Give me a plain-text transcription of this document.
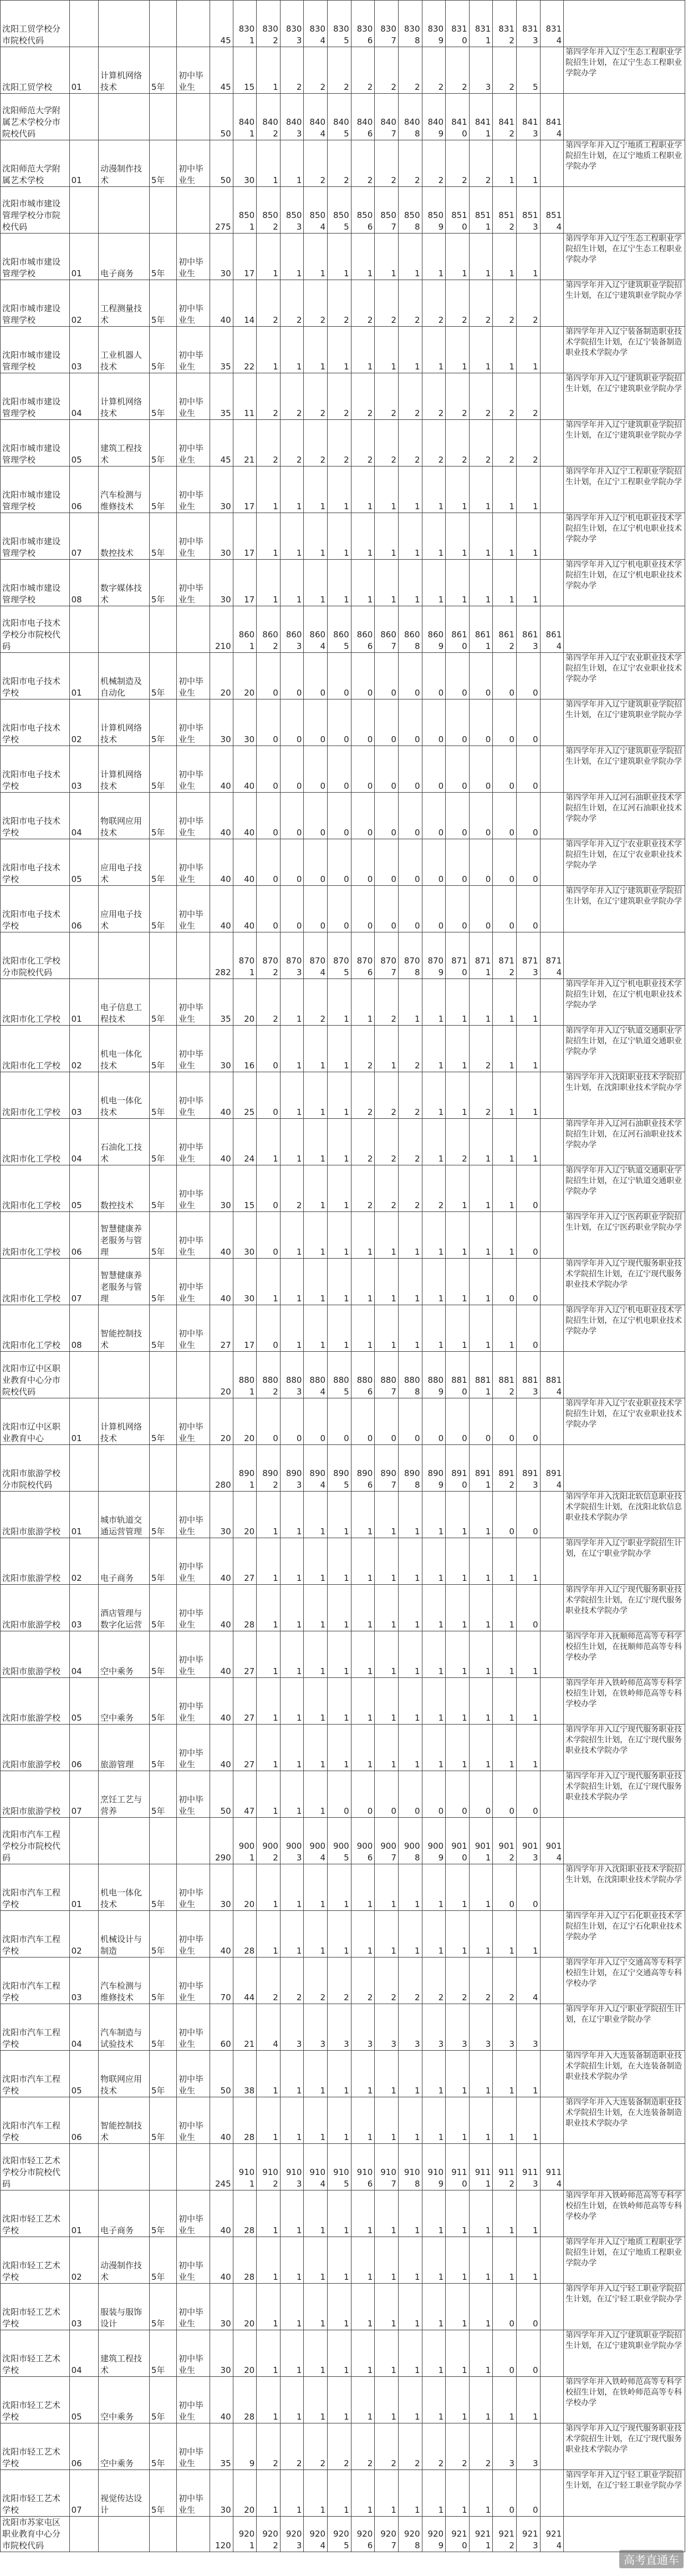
沈阳工贸学校分市院校代码					45	8301	8302	8303	8304	8305	8306	8307	8308	8309	8310	8311	8312	8313	8314	
沈阳工贸学校	01	计算机网络技术	5年	初中毕业生	45	15	1	2	2	2	2	2	2	2	2	3	2	5		第四学年并入辽宁生态工程职业学院招生计划，在辽宁生态工程职业学院办学
沈阳师范大学附属艺术学校分市院校代码					50	8401	8402	8403	8404	8405	8406	8407	8408	8409	8410	8411	8412	8413	8414	
沈阳师范大学附属艺术学校	01	动漫制作技术	5年	初中毕业生	50	30	1	1	2	2	2	2	2	2	2	2	1	1		第四学年并入辽宁地质工程职业学院招生计划，在辽宁地质工程职业学院办学
沈阳市城市建设管理学校分市院校代码					275	8501	8502	8503	8504	8505	8506	8507	8508	8509	8510	8511	8512	8513	8514	
沈阳市城市建设管理学校	01	电子商务	5年	初中毕业生	30	17	1	1	1	1	1	1	1	1	1	1	1	1		第四学年并入辽宁生态工程职业学院招生计划，在辽宁生态工程职业学院办学
沈阳市城市建设管理学校	02	工程测量技术	5年	初中毕业生	40	14	2	2	2	2	2	2	2	2	2	2	2	2		第四学年并入辽宁建筑职业学院招生计划，在辽宁建筑职业学院办学
沈阳市城市建设管理学校	03	工业机器人技术	5年	初中毕业生	35	22	1	1	1	1	1	1	1	1	1	1	1	1		第四学年并入辽宁装备制造职业技术学院招生计划，在辽宁装备制造职业技术学院办学
沈阳市城市建设管理学校	04	计算机网络技术	5年	初中毕业生	35	11	2	2	2	2	2	2	2	2	2	2	2	2		第四学年并入辽宁建筑职业学院招生计划，在辽宁建筑职业学院办学
沈阳市城市建设管理学校	05	建筑工程技术	5年	初中毕业生	45	21	2	2	2	2	2	2	2	2	2	2	2	2		第四学年并入辽宁建筑职业学院招生计划，在辽宁建筑职业学院办学
沈阳市城市建设管理学校	06	汽车检测与维修技术	5年	初中毕业生	30	17	1	1	1	1	1	1	1	1	1	1	1	1		第四学年并入辽宁工程职业学院招生计划，在辽宁工程职业学院办学
沈阳市城市建设管理学校	07	数控技术	5年	初中毕业生	30	17	1	1	1	1	1	1	1	1	1	1	1	1		第四学年并入辽宁机电职业技术学院招生计划，在辽宁机电职业技术学院办学
沈阳市城市建设管理学校	08	数字媒体技术	5年	初中毕业生	30	17	1	1	1	1	1	1	1	1	1	1	1	1		第四学年并入辽宁机电职业技术学院招生计划，在辽宁机电职业技术学院办学
沈阳市电子技术学校分市院校代码					210	8601	8602	8603	8604	8605	8606	8607	8608	8609	8610	8611	8612	8613	8614	
沈阳市电子技术学校	01	机械制造及自动化	5年	初中毕业生	20	20	0	0	0	0	0	0	0	0	0	0	0	0		第四学年并入辽宁农业职业技术学院招生计划，在辽宁农业职业技术学院办学
沈阳市电子技术学校	02	计算机网络技术	5年	初中毕业生	30	30	0	0	0	0	0	0	0	0	0	0	0	0		第四学年并入辽宁建筑职业学院招生计划，在辽宁建筑职业学院办学
沈阳市电子技术学校	03	计算机网络技术	5年	初中毕业生	40	40	0	0	0	0	0	0	0	0	0	0	0	0		第四学年并入辽宁建筑职业学院招生计划，在辽宁建筑职业学院办学
沈阳市电子技术学校	04	物联网应用技术	5年	初中毕业生	40	40	0	0	0	0	0	0	0	0	0	0	0	0		第四学年并入辽河石油职业技术学院招生计划，在辽河石油职业技术学院办学
沈阳市电子技术学校	05	应用电子技术	5年	初中毕业生	40	40	0	0	0	0	0	0	0	0	0	0	0	0		第四学年并入辽宁农业职业技术学院招生计划，在辽宁农业职业技术学院办学
沈阳市电子技术学校	06	应用电子技术	5年	初中毕业生	40	40	0	0	0	0	0	0	0	0	0	0	0	0		第四学年并入辽宁建筑职业学院招生计划，在辽宁建筑职业学院办学
沈阳市化工学校分市院校代码					282	8701	8702	8703	8704	8705	8706	8707	8708	8709	8710	8711	8712	8713	8714	
沈阳市化工学校	01	电子信息工程技术	5年	初中毕业生	35	20	2	1	2	1	1	2	1	1	1	1	1	1		第四学年并入辽宁机电职业技术学院招生计划，在辽宁机电职业技术学院办学
沈阳市化工学校	02	机电一体化技术	5年	初中毕业生	30	16	0	1	1	1	2	1	2	1	1	2	1	1		第四学年并入辽宁轨道交通职业学院招生计划，在辽宁轨道交通职业学院办学
沈阳市化工学校	03	机电一体化技术	5年	初中毕业生	40	25	0	1	1	1	2	2	2	1	1	2	1	1		第四学年并入沈阳职业技术学院招生计划，在沈阳职业技术学院办学
沈阳市化工学校	04	石油化工技术	5年	初中毕业生	40	24	1	1	1	1	2	2	2	1	2	1	1	1		第四学年并入辽河石油职业技术学院招生计划，在辽河石油职业技术学院办学
沈阳市化工学校	05	数控技术	5年	初中毕业生	30	15	0	2	1	1	2	2	2	2	1	1	1	0		第四学年并入辽宁轨道交通职业学院招生计划，在辽宁轨道交通职业学院办学
沈阳市化工学校	06	智慧健康养老服务与管理	5年	初中毕业生	40	30	0	1	1	1	1	1	1	1	1	1	1	0		第四学年并入辽宁医药职业学院招生计划，在辽宁医药职业学院办学
沈阳市化工学校	07	智慧健康养老服务与管理	5年	初中毕业生	40	30	1	1	1	1	1	1	1	1	1	1	0	0		第四学年并入辽宁现代服务职业技术学院招生计划，在辽宁现代服务职业技术学院办学
沈阳市化工学校	08	智能控制技术	5年	初中毕业生	27	17	0	1	1	1	1	1	1	1	1	1	1	0		第四学年并入辽宁机电职业技术学院招生计划，在辽宁机电职业技术学院办学
沈阳市辽中区职业教育中心分市院校代码					20	8801	8802	8803	8804	8805	8806	8807	8808	8809	8810	8811	8812	8813	8814	
沈阳市辽中区职业教育中心	01	计算机网络技术	5年	初中毕业生	20	20	0	0	0	0	0	0	0	0	0	0	0	0		第四学年并入辽宁农业职业技术学院招生计划，在辽宁农业职业技术学院办学
沈阳市旅游学校分市院校代码					280	8901	8902	8903	8904	8905	8906	8907	8908	8909	8910	8911	8912	8913	8914	
沈阳市旅游学校	01	城市轨道交通运营管理	5年	初中毕业生	30	20	1	1	1	1	1	1	1	1	1	1	0	0		第四学年并入沈阳北软信息职业技术学院招生计划，在沈阳北软信息职业技术学院办学
沈阳市旅游学校	02	电子商务	5年	初中毕业生	40	27	1	1	1	1	1	1	1	1	1	1	1	1		第四学年并入辽宁职业学院招生计划，在辽宁职业学院办学
沈阳市旅游学校	03	酒店管理与数字化运营	5年	初中毕业生	40	28	1	1	1	1	1	1	1	1	1	1	1	0		第四学年并入辽宁现代服务职业技术学院招生计划，在辽宁现代服务职业技术学院办学
沈阳市旅游学校	04	空中乘务	5年	初中毕业生	40	27	1	1	1	1	1	1	1	1	1	1	1	1		第四学年并入抚顺师范高等专科学校招生计划，在抚顺师范高等专科学校办学
沈阳市旅游学校	05	空中乘务	5年	初中毕业生	40	27	1	1	1	1	1	1	1	1	1	1	1	1		第四学年并入铁岭师范高等专科学校招生计划，在铁岭师范高等专科学校办学
沈阳市旅游学校	06	旅游管理	5年	初中毕业生	40	27	1	1	1	1	1	1	1	1	1	1	1	1		第四学年并入辽宁现代服务职业技术学院招生计划，在辽宁现代服务职业技术学院办学
沈阳市旅游学校	07	烹饪工艺与营养	5年	初中毕业生	50	47	1	1	1	0	0	0	0	0	0	0	0	0		第四学年并入辽宁现代服务职业技术学院招生计划，在辽宁现代服务职业技术学院办学
沈阳市汽车工程学校分市院校代码					290	9001	9002	9003	9004	9005	9006	9007	9008	9009	9010	9011	9012	9013	9014	
沈阳市汽车工程学校	01	机电一体化技术	5年	初中毕业生	30	20	1	1	1	1	1	1	1	1	1	1	0	0		第四学年并入沈阳职业技术学院招生计划，在沈阳职业技术学院办学
沈阳市汽车工程学校	02	机械设计与制造	5年	初中毕业生	40	28	1	1	1	1	1	1	1	1	1	1	1	1		第四学年并入辽宁石化职业技术学院招生计划，在辽宁石化职业技术学院办学
沈阳市汽车工程学校	03	汽车检测与维修技术	5年	初中毕业生	70	44	2	2	2	2	2	2	2	2	2	2	2	4		第四学年并入辽宁交通高等专科学校招生计划，在辽宁交通高等专科学校办学
沈阳市汽车工程学校	04	汽车制造与试验技术	5年	初中毕业生	60	21	4	3	3	3	3	3	3	3	3	3	3	3		第四学年并入辽宁职业学院招生计划，在辽宁职业学院办学
沈阳市汽车工程学校	05	物联网应用技术	5年	初中毕业生	50	38	1	1	1	1	1	1	1	1	1	1	1	1		第四学年并入大连装备制造职业技术学院招生计划，在大连装备制造职业技术学院办学
沈阳市汽车工程学校	06	智能控制技术	5年	初中毕业生	40	28	1	1	1	1	1	1	1	1	1	1	1	1		第四学年并入大连装备制造职业技术学院招生计划，在大连装备制造职业技术学院办学
沈阳市轻工艺术学校分市院校代码					245	9101	9102	9103	9104	9105	9106	9107	9108	9109	9110	9111	9112	9113	9114	
沈阳市轻工艺术学校	01	电子商务	5年	初中毕业生	40	28	1	1	1	1	1	1	1	1	1	1	1	1		第四学年并入铁岭师范高等专科学校招生计划，在铁岭师范高等专科学校办学
沈阳市轻工艺术学校	02	动漫制作技术	5年	初中毕业生	40	28	1	1	1	1	1	1	1	1	1	1	1	1		第四学年并入辽宁地质工程职业学院招生计划，在辽宁地质工程职业学院办学
沈阳市轻工艺术学校	03	服装与服饰设计	5年	初中毕业生	30	20	1	1	1	1	1	1	1	1	1	1	0	0		第四学年并入辽宁轻工职业学院招生计划，在辽宁轻工职业学院办学
沈阳市轻工艺术学校	04	建筑工程技术	5年	初中毕业生	30	20	1	1	1	1	1	1	1	1	1	1	0	0		第四学年并入辽宁建筑职业学院招生计划，在辽宁建筑职业学院办学
沈阳市轻工艺术学校	05	空中乘务	5年	初中毕业生	40	28	1	1	1	1	1	1	1	1	1	1	1	1		第四学年并入铁岭师范高等专科学校招生计划，在铁岭师范高等专科学校办学
沈阳市轻工艺术学校	06	空中乘务	5年	初中毕业生	35	9	2	2	2	2	2	2	2	2	2	2	3	3		第四学年并入辽宁现代服务职业技术学院招生计划，在辽宁现代服务职业技术学院办学
沈阳市轻工艺术学校	07	视觉传达设计	5年	初中毕业生	30	20	1	1	1	1	1	1	1	1	1	1	0	0		第四学年并入辽宁轻工职业学院招生计划，在辽宁轻工职业学院办学
沈阳市苏家屯区职业教育中心分市院校代码					120	9201	9202	9203	9204	9205	9206	9207	9208	9209	9210	9211	9212	9213	9214	
高考直通车
